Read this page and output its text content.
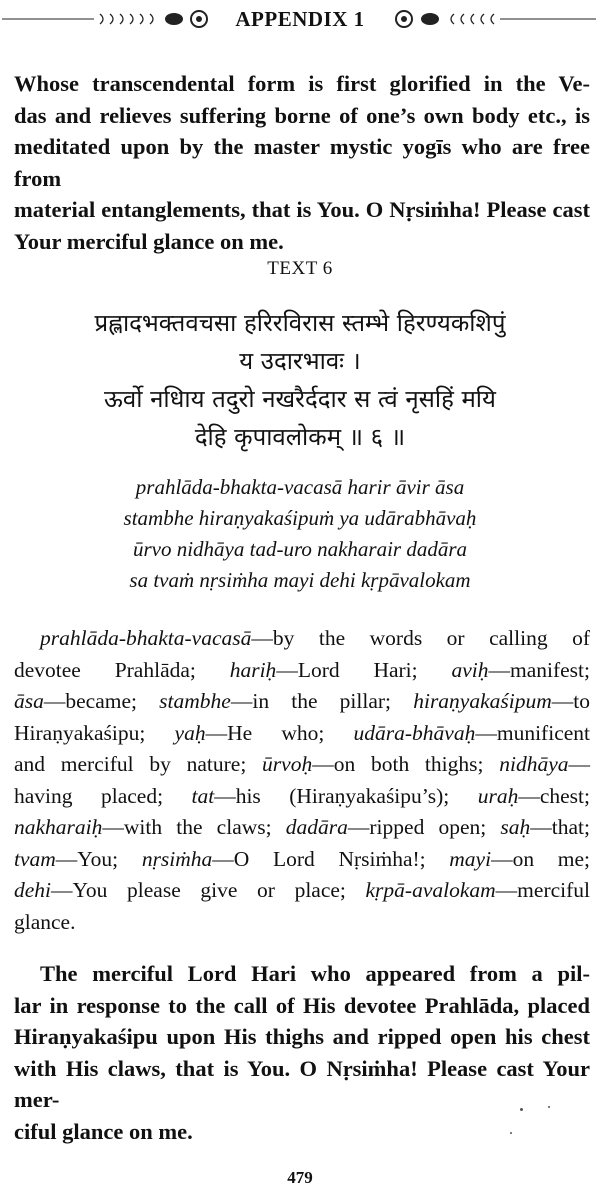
APPENDIX 1
Whose transcendental form is first glorified in the Ve-
das and relieves suffering borne of one’s own body etc., is
meditated upon by the master mystic yogīs who are free from
material entanglements, that is You. O Nṛsiṁha! Please cast
Your merciful glance on me.
TEXT 6
प्रह्लादभक्तवचसा हरिरविरास स्तम्भे हिरण्यकशिपुं
य उदारभावः ।
ऊर्वो नधिाय तदुरो नखरैर्ददार स त्वं नृसहिं मयि
देहि कृपावलोकम् ॥ ६ ॥
prahlāda-bhakta-vacasā harir āvir āsa
stambhe hiraṇyakaśipuṁ ya udārabhāvaḥ
ūrvo nidhāya tad-uro nakharair dadāra
sa tvaṁ nṛsiṁha mayi dehi kṛpāvalokam
prahlāda-bhakta-vacasā—by the words or calling of
devotee Prahlāda; hariḥ—Lord Hari; aviḥ—manifest;
āsa—became; stambhe—in the pillar; hiraṇyakaśipum—to
Hiraṇyakaśipu; yaḥ—He who; udāra-bhāvaḥ—munificent
and merciful by nature; ūrvoḥ—on both thighs; nidhāya—
having placed; tat—his (Hiraṇyakaśipu’s); uraḥ—chest;
nakharaiḥ—with the claws; dadāra—ripped open; saḥ—that;
tvam—You; nṛsiṁha—O Lord Nṛsiṁha!; mayi—on me;
dehi—You please give or place; kṛpā-avalokam—merciful
glance.
The merciful Lord Hari who appeared from a pil-
lar in response to the call of His devotee Prahlāda, placed
Hiraṇyakaśipu upon His thighs and ripped open his chest
with His claws, that is You. O Nṛsiṁha! Please cast Your mer-
ciful glance on me.
479
